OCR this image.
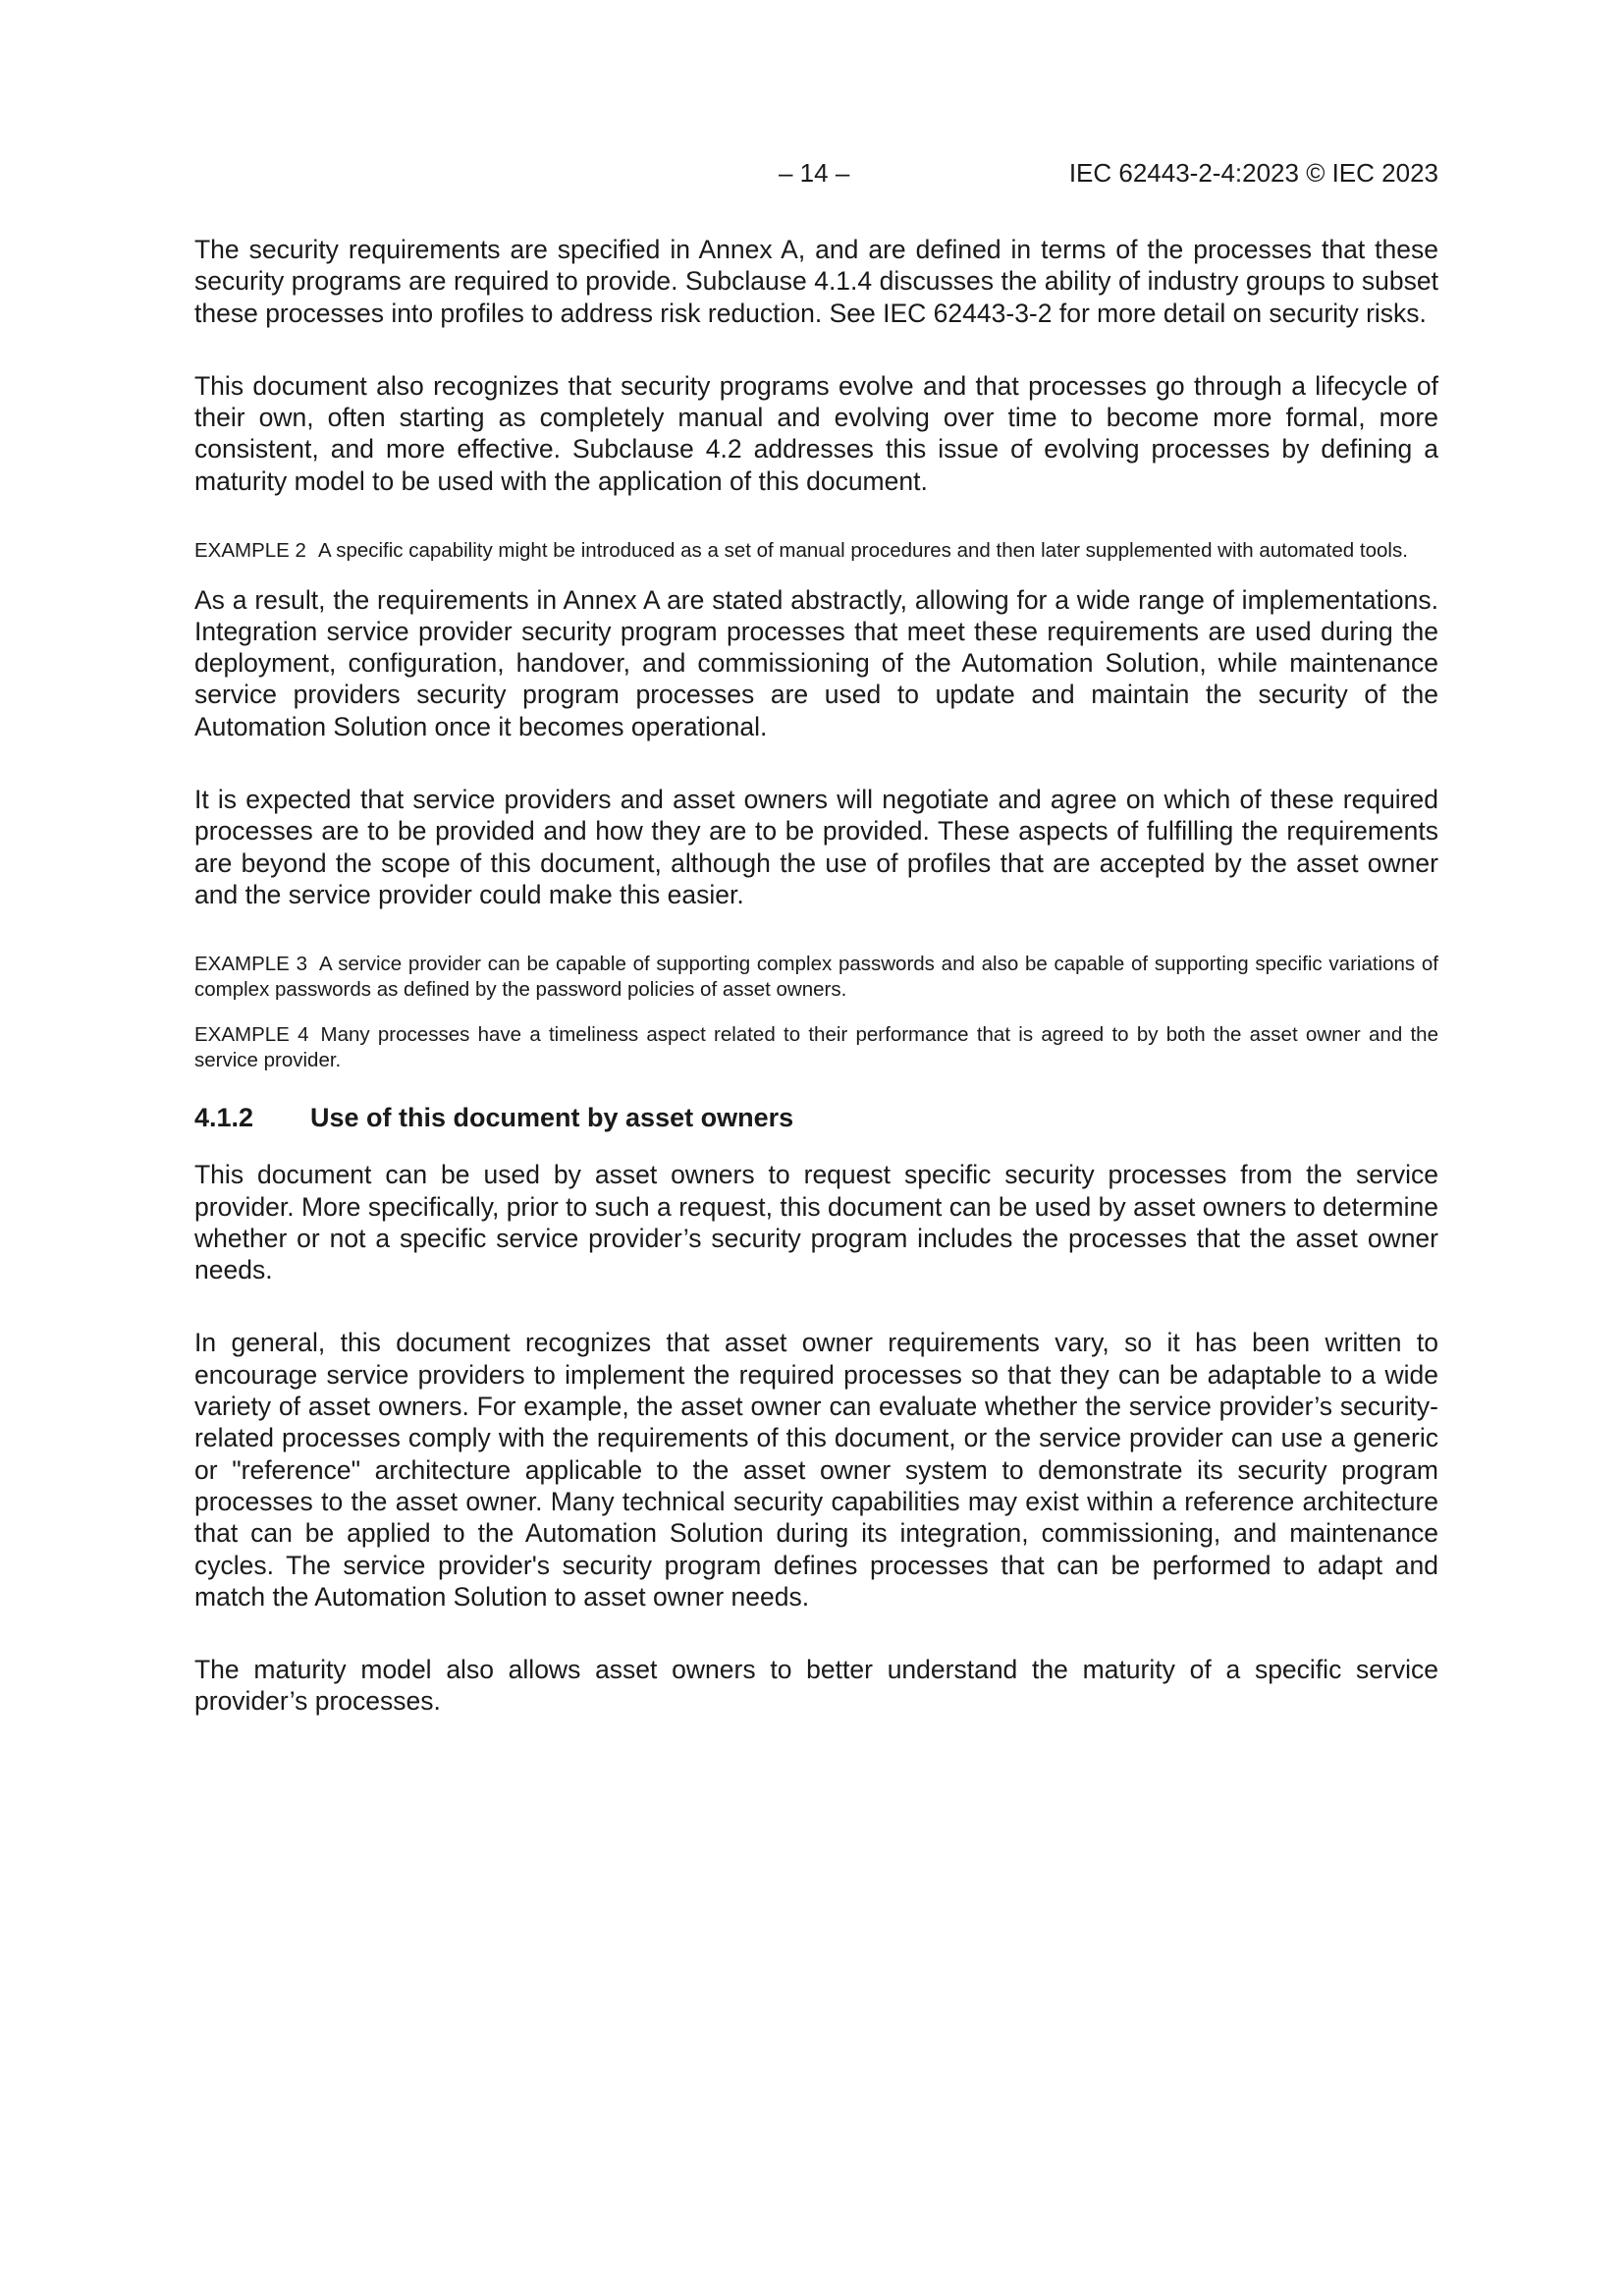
– 14 –	IEC 62443-2-4:2023 © IEC 2023

The security requirements are specified in Annex A, and are defined in terms of the processes that these security programs are required to provide. Subclause 4.1.4 discusses the ability of industry groups to subset these processes into profiles to address risk reduction. See IEC 62443-3-2 for more detail on security risks.

This document also recognizes that security programs evolve and that processes go through a lifecycle of their own, often starting as completely manual and evolving over time to become more formal, more consistent, and more effective. Subclause 4.2 addresses this issue of evolving processes by defining a maturity model to be used with the application of this document.

EXAMPLE 2 A specific capability might be introduced as a set of manual procedures and then later supplemented with automated tools.

As a result, the requirements in Annex A are stated abstractly, allowing for a wide range of implementations. Integration service provider security program processes that meet these requirements are used during the deployment, configuration, handover, and commissioning of the Automation Solution, while maintenance service providers security program processes are used to update and maintain the security of the Automation Solution once it becomes operational.

It is expected that service providers and asset owners will negotiate and agree on which of these required processes are to be provided and how they are to be provided. These aspects of fulfilling the requirements are beyond the scope of this document, although the use of profiles that are accepted by the asset owner and the service provider could make this easier.

EXAMPLE 3 A service provider can be capable of supporting complex passwords and also be capable of supporting specific variations of complex passwords as defined by the password policies of asset owners.

EXAMPLE 4 Many processes have a timeliness aspect related to their performance that is agreed to by both the asset owner and the service provider.

4.1.2 Use of this document by asset owners

This document can be used by asset owners to request specific security processes from the service provider. More specifically, prior to such a request, this document can be used by asset owners to determine whether or not a specific service provider’s security program includes the processes that the asset owner needs.

In general, this document recognizes that asset owner requirements vary, so it has been written to encourage service providers to implement the required processes so that they can be adaptable to a wide variety of asset owners. For example, the asset owner can evaluate whether the service provider’s security-related processes comply with the requirements of this document, or the service provider can use a generic or "reference" architecture applicable to the asset owner system to demonstrate its security program processes to the asset owner. Many technical security capabilities may exist within a reference architecture that can be applied to the Automation Solution during its integration, commissioning, and maintenance cycles. The service provider's security program defines processes that can be performed to adapt and match the Automation Solution to asset owner needs.

The maturity model also allows asset owners to better understand the maturity of a specific service provider’s processes.
